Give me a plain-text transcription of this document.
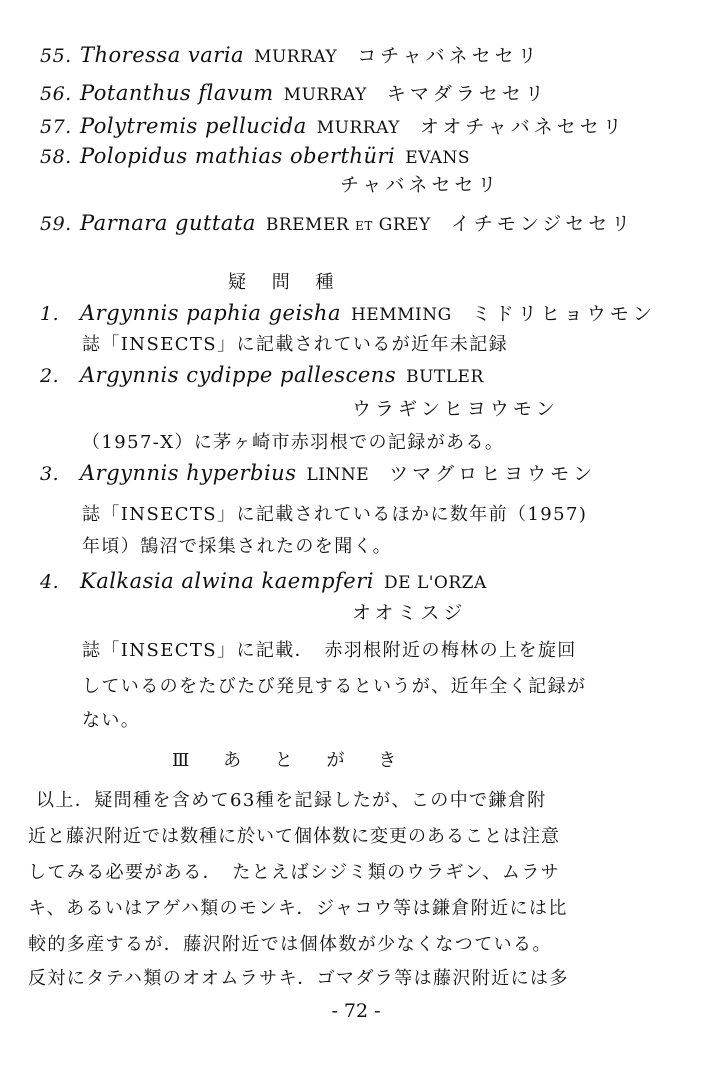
55. Thoressa varia MURRAY コチャバネセセリ
56. Potanthus flavum MURRAY キマダラセセリ
57. Polytremis pellucida MURRAY オオチャバネセセリ
58. Polopidus mathias oberthüri EVANS
チャバネセセリ
59. Parnara guttata BREMER et GREY イチモンジセセリ
疑 問 種
1. Argynnis paphia geisha HEMMING ミドリヒョウモン
誌「INSECTS」に記載されているが近年未記録
2. Argynnis cydippe pallescens BUTLER
ウラギンヒヨウモン
（1957-Ⅹ）に茅ヶ崎市赤羽根での記録がある。
3. Argynnis hyperbius LINNE ツマグロヒヨウモン
誌「INSECTS」に記載されているほかに数年前（1957)
年頃）鵠沼で採集されたのを聞く。
4. Kalkasia alwina kaempferi DE L'ORZA
オオミスジ
誌「INSECTS」に記載．　赤羽根附近の梅林の上を旋回
しているのをたびたび発見するというが、近年全く記録が
ない。
Ⅲ あ と が き
以上．疑問種を含めて63種を記録したが、この中で鎌倉附
近と藤沢附近では数種に於いて個体数に変更のあることは注意
してみる必要がある．　たとえばシジミ類のウラギン、ムラサ
キ、あるいはアゲハ類のモンキ．ジャコウ等は鎌倉附近には比
較的多産するが．藤沢附近では個体数が少なくなつている。
反対にタテハ類のオオムラサキ．ゴマダラ等は藤沢附近には多
- 72 -
